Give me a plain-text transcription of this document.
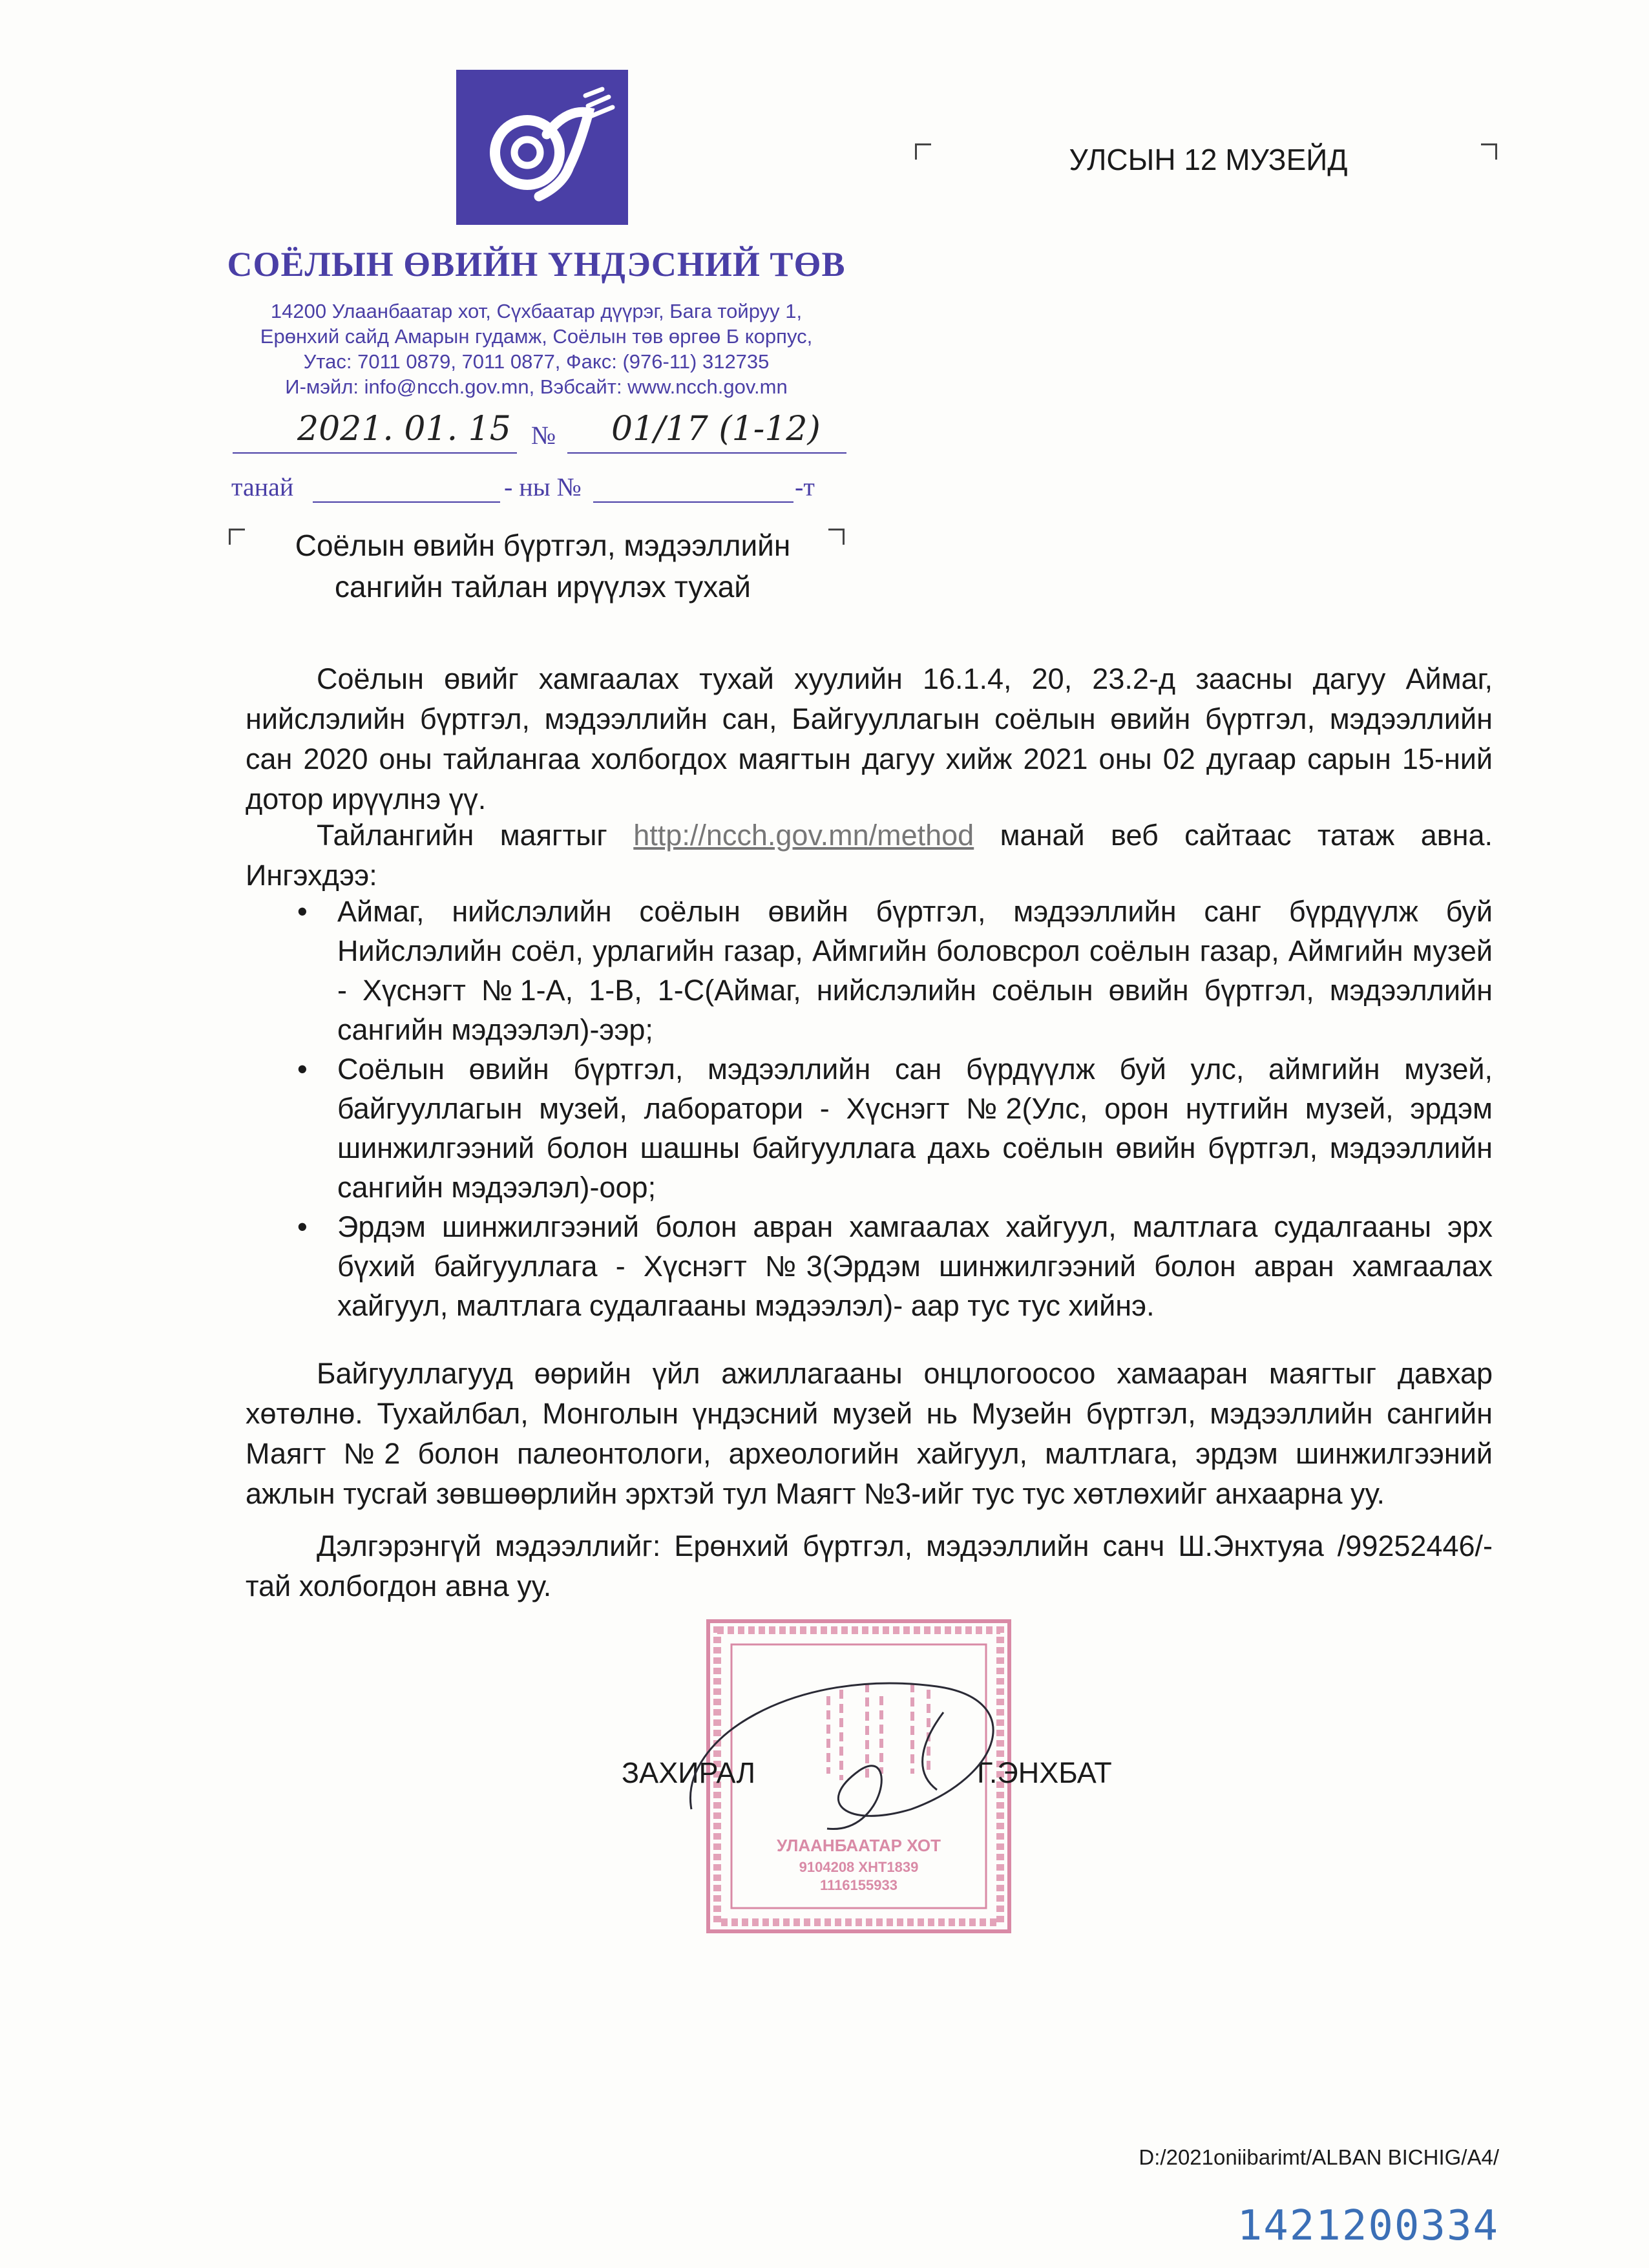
СОЁЛЫН ӨВИЙН ҮНДЭСНИЙ ТӨВ
14200 Улаанбаатар хот, Сүхбаатар дүүрэг, Бага тойруу 1,
Ерөнхий сайд Амарын гудамж, Соёлын төв өргөө Б корпус,
Утас: 7011 0879, 7011 0877, Факс: (976-11) 312735
И-мэйл: info@ncch.gov.mn, Вэбсайт: www.ncch.gov.mn
2021. 01. 15 № 01/17 (1-12)
танай	- ны №	-т
УЛСЫН 12 МУЗЕЙД
Соёлын өвийн бүртгэл, мэдээллийн
сангийн тайлан ирүүлэх тухай
Соёлын өвийг хамгаалах тухай хуулийн 16.1.4, 20, 23.2-д заасны дагуу Аймаг, нийслэлийн бүртгэл, мэдээллийн сан, Байгууллагын соёлын өвийн бүртгэл, мэдээллийн сан 2020 оны тайлангаа холбогдох маягтын дагуу хийж 2021 оны 02 дугаар сарын 15-ний дотор ирүүлнэ үү.
Тайлангийн маягтыг http://ncch.gov.mn/method манай веб сайтаас татаж авна. Ингэхдээ:
•	Аймаг, нийслэлийн соёлын өвийн бүртгэл, мэдээллийн санг бүрдүүлж буй Нийслэлийн соёл, урлагийн газар, Аймгийн боловсрол соёлын газар, Аймгийн музей - Хүснэгт №1-А, 1-В, 1-С(Аймаг, нийслэлийн соёлын өвийн бүртгэл, мэдээллийн сангийн мэдээлэл)-ээр;
•	Соёлын өвийн бүртгэл, мэдээллийн сан бүрдүүлж буй улс, аймгийн музей, байгууллагын музей, лаборатори - Хүснэгт №2(Улс, орон нутгийн музей, эрдэм шинжилгээний болон шашны байгууллага дахь соёлын өвийн бүртгэл, мэдээллийн сангийн мэдээлэл)-оор;
•	Эрдэм шинжилгээний болон авран хамгаалах хайгуул, малтлага судалгааны эрх бүхий байгууллага - Хүснэгт №3(Эрдэм шинжилгээний болон авран хамгаалах хайгуул, малтлага судалгааны мэдээлэл)- аар тус тус хийнэ.
Байгууллагууд өөрийн үйл ажиллагааны онцлогоосоо хамааран маягтыг давхар хөтөлнө. Тухайлбал, Монголын үндэсний музей нь Музейн бүртгэл, мэдээллийн сангийн Маягт №2 болон палеонтологи, археологийн хайгуул, малтлага, эрдэм шинжилгээний ажлын тусгай зөвшөөрлийн эрхтэй тул Маягт №3-ийг тус тус хөтлөхийг анхаарна уу.
Дэлгэрэнгүй мэдээллийг: Ерөнхий бүртгэл, мэдээллийн санч Ш.Энхтуяа /99252446/-тай холбогдон авна уу.
УЛААНБААТАР ХОТ
9104208 ХНТ1839
1116155933
ЗАХИРАЛ	Г.ЭНХБАТ
D:/2021oniibarimt/ALBAN BICHIG/A4/
1421200334
